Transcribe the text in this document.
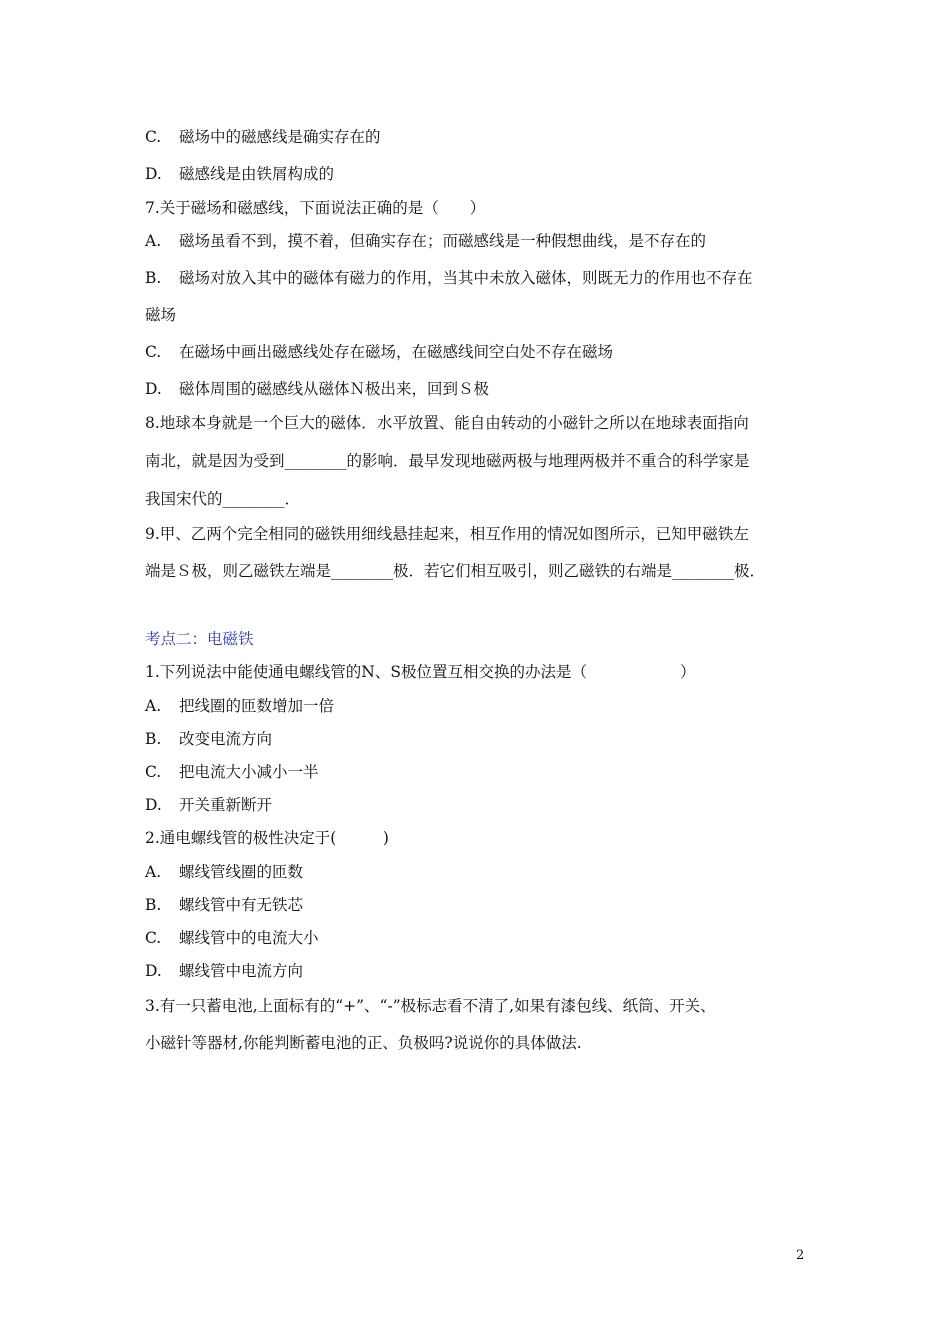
C. 磁场中的磁感线是确实存在的
D. 磁感线是由铁屑构成的
7.关于磁场和磁感线，下面说法正确的是（　　）
A. 磁场虽看不到，摸不着，但确实存在；而磁感线是一种假想曲线，是不存在的
B. 磁场对放入其中的磁体有磁力的作用，当其中未放入磁体，则既无力的作用也不存在
磁场
C. 在磁场中画出磁感线处存在磁场，在磁感线间空白处不存在磁场
D. 磁体周围的磁感线从磁体Ｎ极出来，回到Ｓ极
8.地球本身就是一个巨大的磁体．水平放置、能自由转动的小磁针之所以在地球表面指向
南北，就是因为受到________的影响．最早发现地磁两极与地理两极并不重合的科学家是
我国宋代的________．
9.甲、乙两个完全相同的磁铁用细线悬挂起来，相互作用的情况如图所示，已知甲磁铁左
端是Ｓ极，则乙磁铁左端是________极．若它们相互吸引，则乙磁铁的右端是________极．
考点二：电磁铁
1.下列说法中能使通电螺线管的N、S极位置互相交换的办法是（　　　　　　）
A. 把线圈的匝数增加一倍
B. 改变电流方向
C. 把电流大小减小一半
D. 开关重新断开
2.通电螺线管的极性决定于(　　　)
A. 螺线管线圈的匝数
B. 螺线管中有无铁芯
C. 螺线管中的电流大小
D. 螺线管中电流方向
3.有一只蓄电池,上面标有的“+”、“-”极标志看不清了,如果有漆包线、纸筒、开关、
小磁针等器材,你能判断蓄电池的正、负极吗?说说你的具体做法.
2
